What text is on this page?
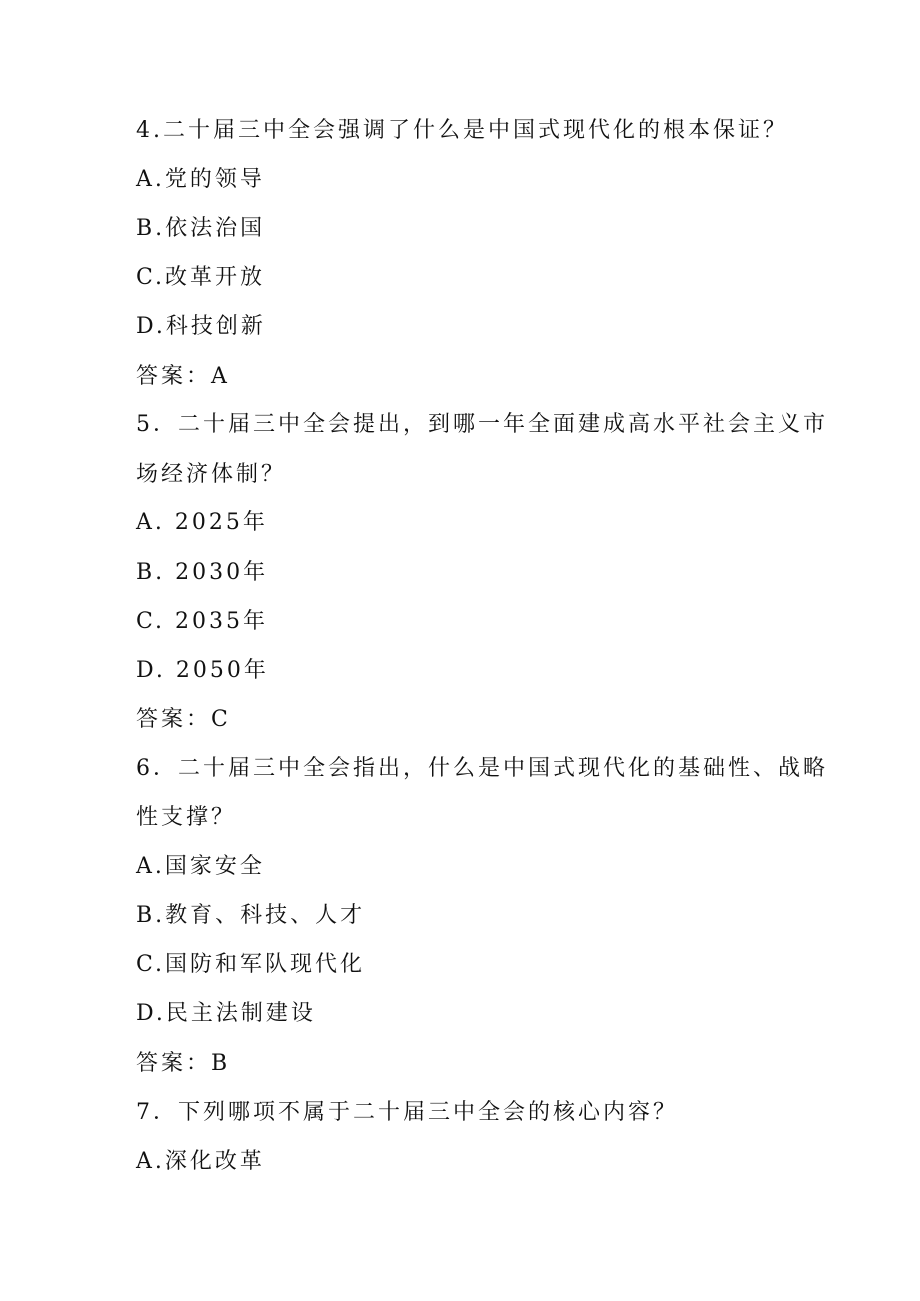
4.二十届三中全会强调了什么是中国式现代化的根本保证？
A.党的领导
B.依法治国
C.改革开放
D.科技创新
答案：A
5．二十届三中全会提出，到哪一年全面建成高水平社会主义市
场经济体制？
A. 2025年
B. 2030年
C. 2035年
D. 2050年
答案：C
6．二十届三中全会指出，什么是中国式现代化的基础性、战略
性支撑？
A.国家安全
B.教育、科技、人才
C.国防和军队现代化
D.民主法制建设
答案：B
7．下列哪项不属于二十届三中全会的核心内容？
A.深化改革
